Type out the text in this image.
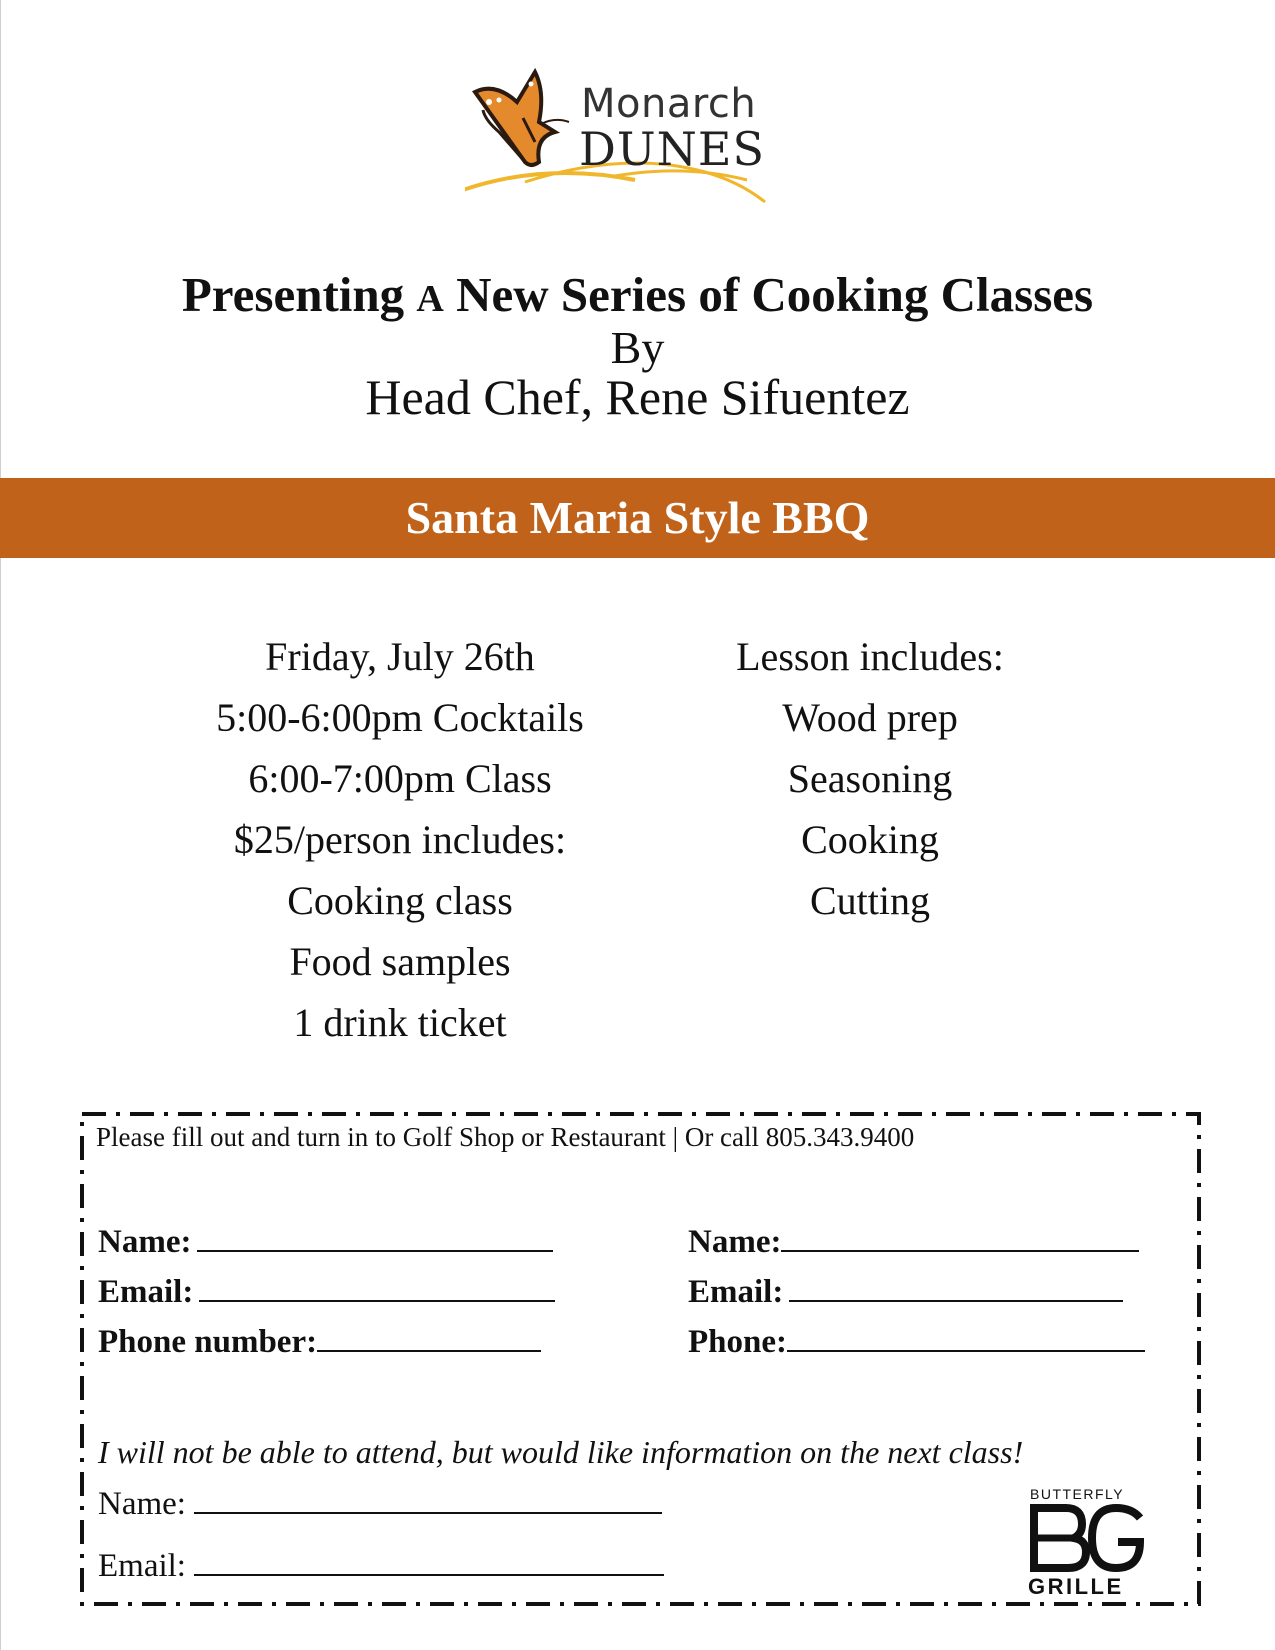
Monarch
DUNES
Presenting A New Series of Cooking Classes
By
Head Chef, Rene Sifuentez
Santa Maria Style BBQ
Friday, July 26th
5:00-6:00pm Cocktails
6:00-7:00pm Class
$25/person includes:
Cooking class
Food samples
1 drink ticket
Lesson includes:
Wood prep
Seasoning
Cooking
Cutting
Please fill out and turn in to Golf Shop or Restaurant | Or call 805.343.9400
Name:
Email:
Phone number:
Name:
Email:
Phone:
I will not be able to attend, but would like information on the next class!
Name:
Email:
BUTTERFLY
GRILLE
